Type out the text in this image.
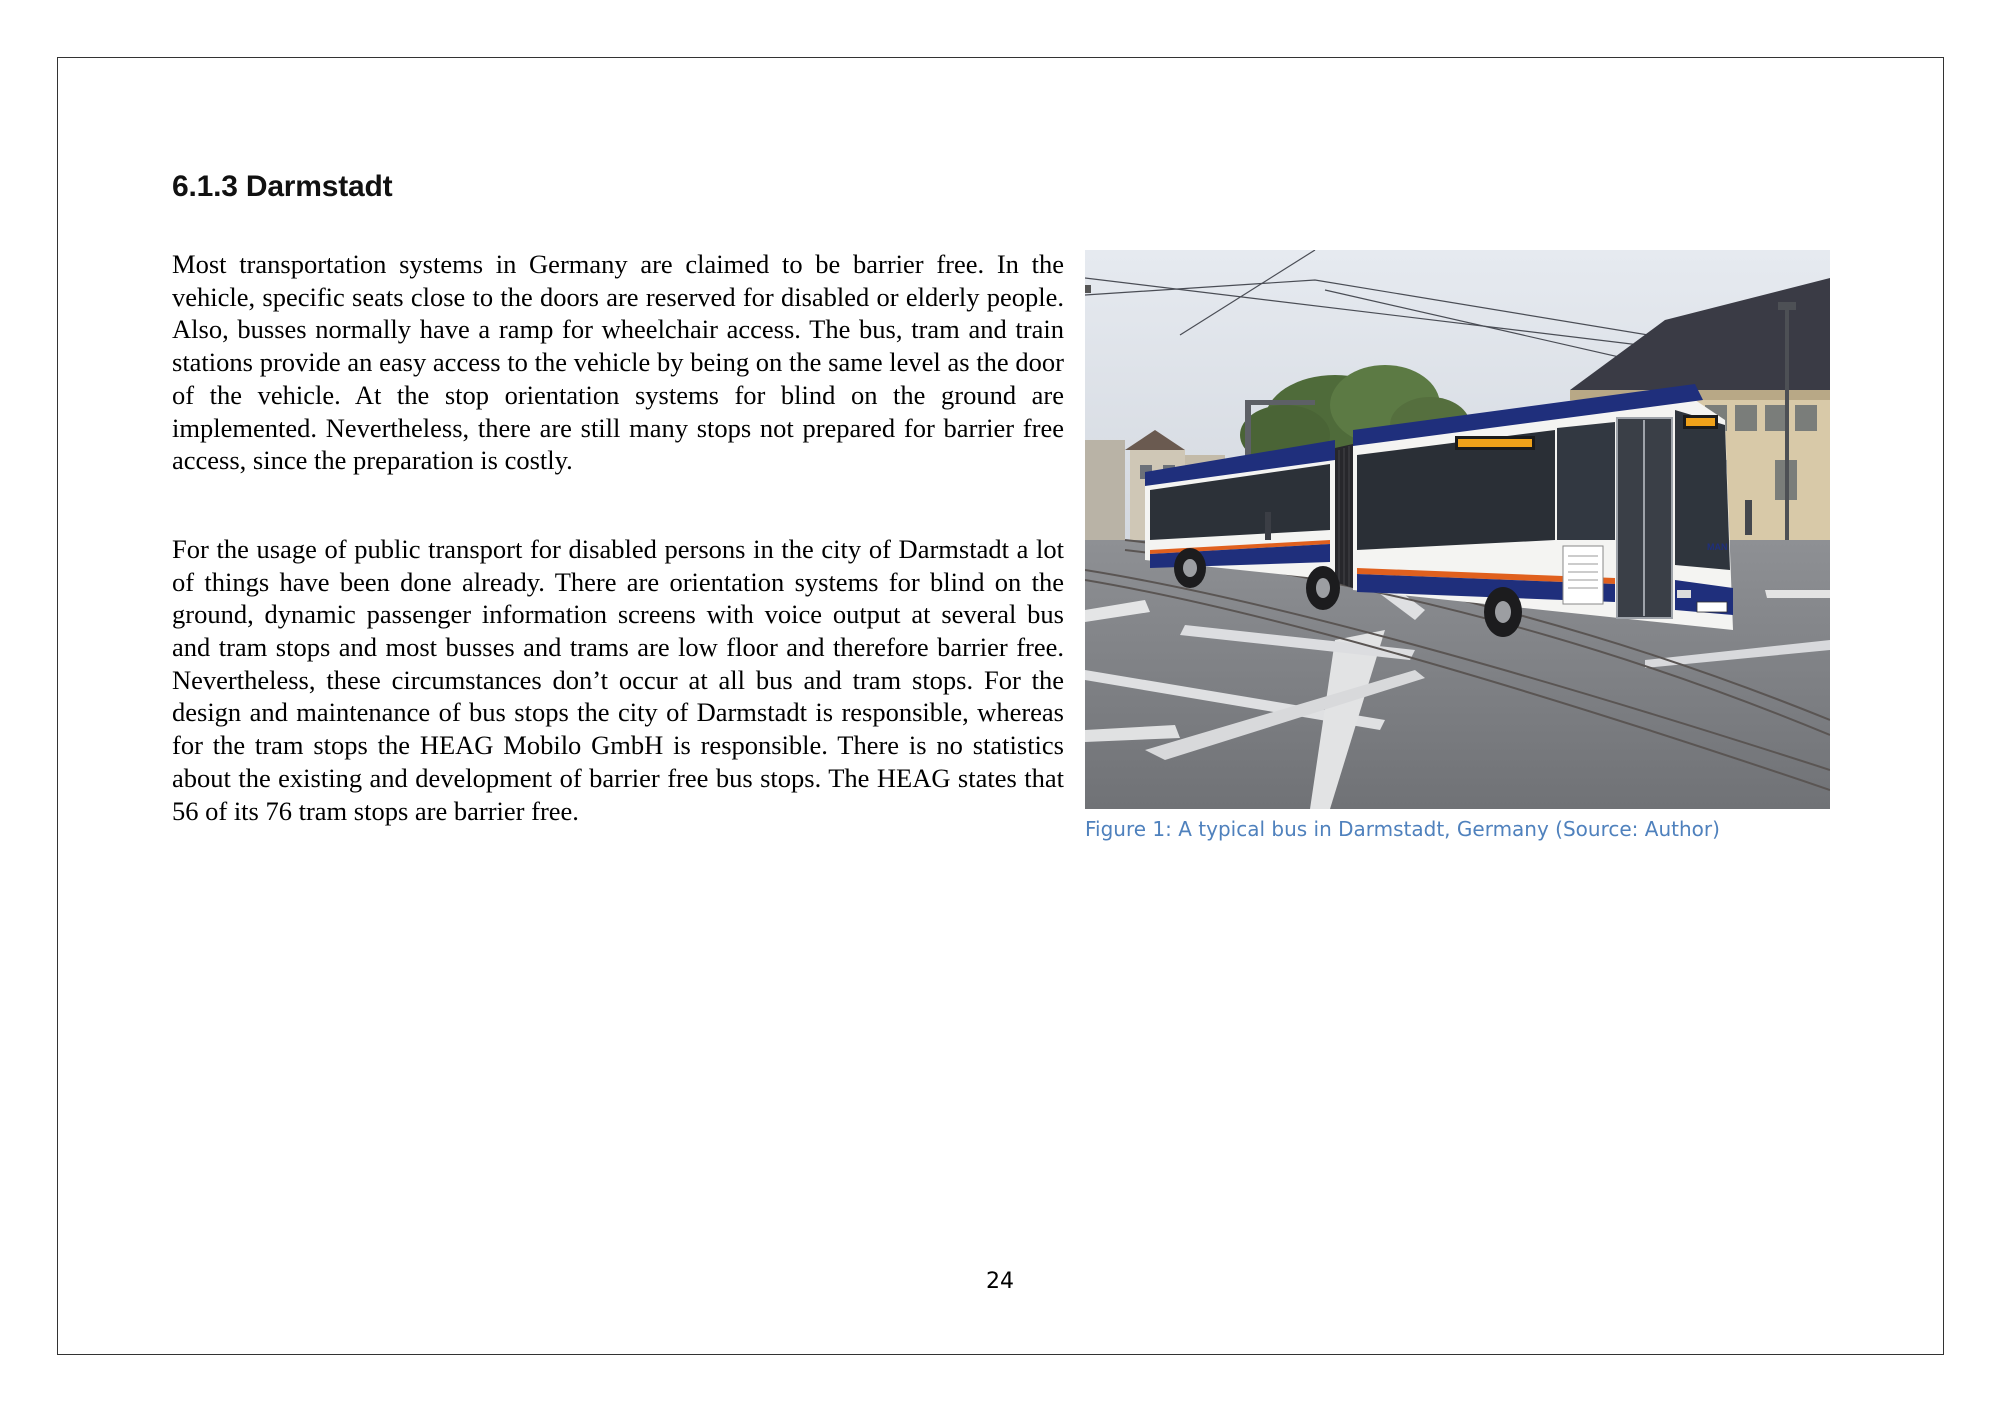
6.1.3 Darmstadt

Most transportation systems in Germany are claimed to be barrier free. In the vehicle, specific seats close to the doors are reserved for disabled or elderly people. Also, busses normally have a ramp for wheelchair access. The bus, tram and train stations provide an easy access to the vehicle by being on the same level as the door of the vehicle. At the stop orientation systems for blind on the ground are implemented. Nevertheless, there are still many stops not prepared for barrier free access, since the preparation is costly.

For the usage of public transport for disabled persons in the city of Darmstadt a lot of things have been done already. There are orientation systems for blind on the ground, dynamic passenger information screens with voice output at several bus and tram stops and most busses and trams are low floor and therefore barrier free. Nevertheless, these circumstances don’t occur at all bus and tram stops. For the design and maintenance of bus stops the city of Darmstadt is responsible, whereas for the tram stops the HEAG Mobilo GmbH is responsible. There is no statistics about the existing and development of barrier free bus stops. The HEAG states that 56 of its 76 tram stops are barrier free.

MAN

Figure 1: A typical bus in Darmstadt, Germany (Source: Author)

24
